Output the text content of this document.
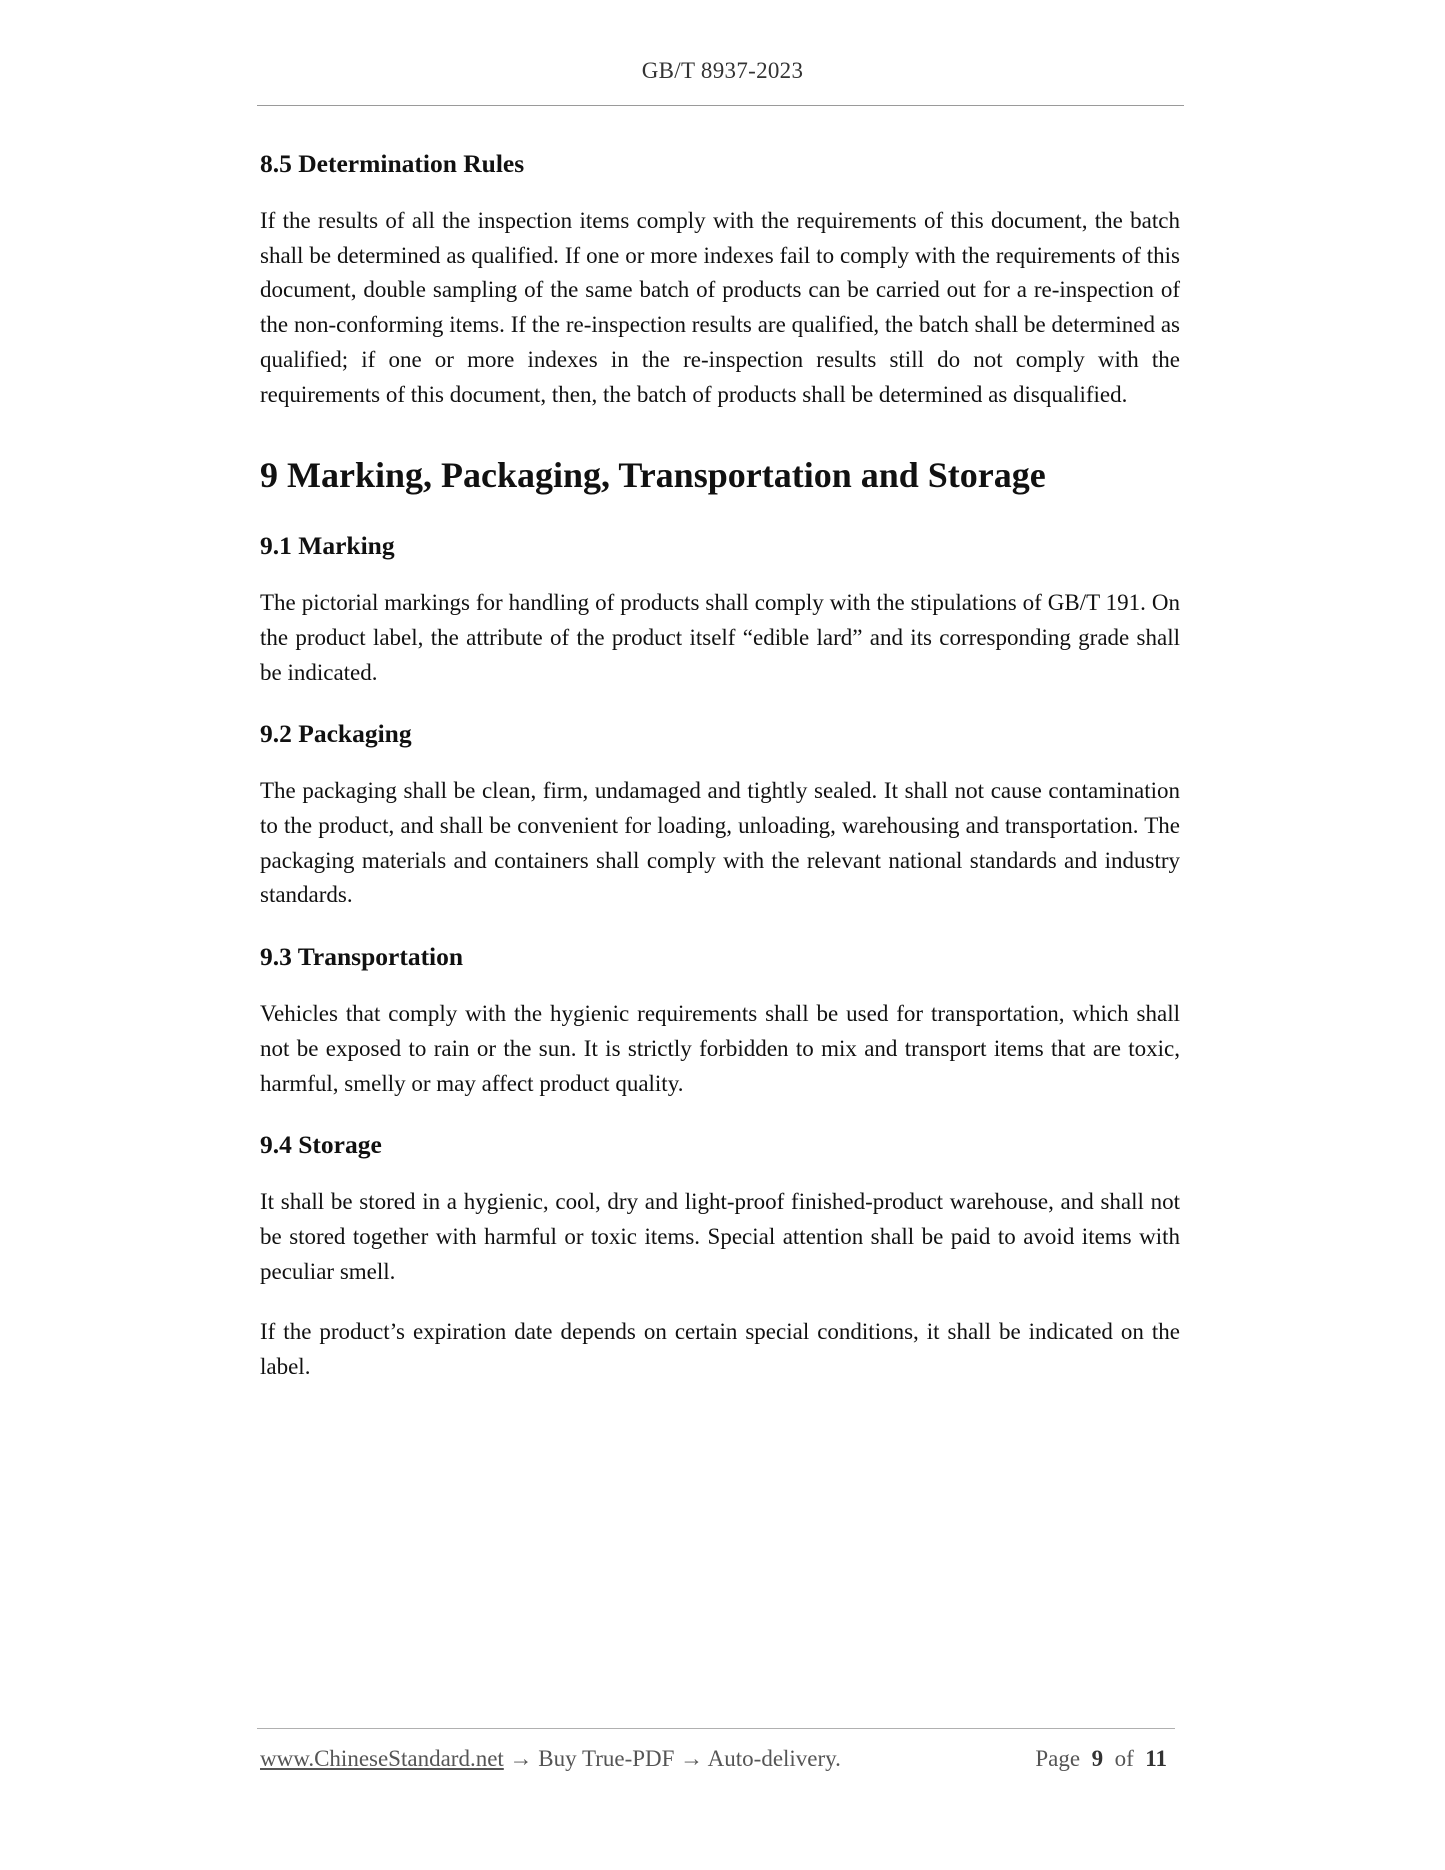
GB/T 8937-2023
8.5 Determination Rules

If the results of all the inspection items comply with the requirements of this document, the batch shall be determined as qualified. If one or more indexes fail to comply with the requirements of this document, double sampling of the same batch of products can be carried out for a re-inspection of the non-conforming items. If the re-inspection results are qualified, the batch shall be determined as qualified; if one or more indexes in the re-inspection results still do not comply with the requirements of this document, then, the batch of products shall be determined as disqualified.

9 Marking, Packaging, Transportation and Storage
9.1 Marking

The pictorial markings for handling of products shall comply with the stipulations of GB/T 191. On the product label, the attribute of the product itself “edible lard” and its corresponding grade shall be indicated.

9.2 Packaging

The packaging shall be clean, firm, undamaged and tightly sealed. It shall not cause contamination to the product, and shall be convenient for loading, unloading, warehousing and transportation. The packaging materials and containers shall comply with the relevant national standards and industry standards.

9.3 Transportation

Vehicles that comply with the hygienic requirements shall be used for transportation, which shall not be exposed to rain or the sun. It is strictly forbidden to mix and transport items that are toxic, harmful, smelly or may affect product quality.

9.4 Storage

It shall be stored in a hygienic, cool, dry and light-proof finished-product warehouse, and shall not be stored together with harmful or toxic items. Special attention shall be paid to avoid items with peculiar smell.

If the product’s expiration date depends on certain special conditions, it shall be indicated on the label.

www.ChineseStandard.net → Buy True-PDF → Auto-delivery.	Page 9 of 11
